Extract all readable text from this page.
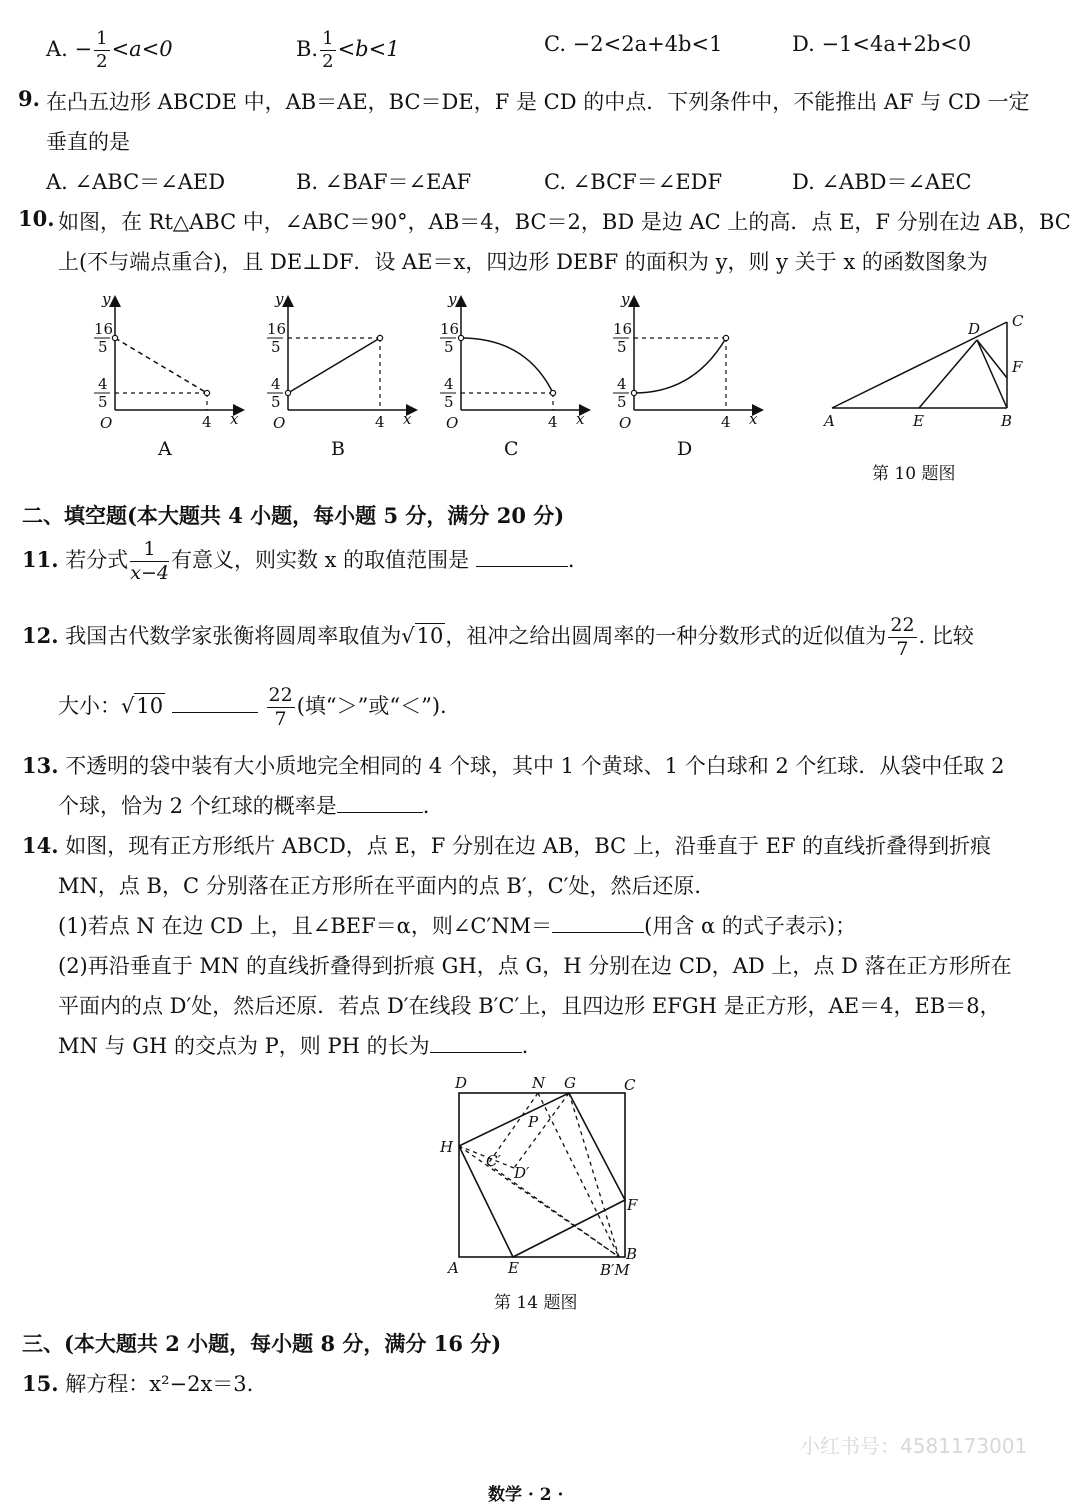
A. − $\frac{1}{2} <a<0$	B. $\frac{1}{2} <b<1$	C. −2<2a+4b<1	D. −1<4a+2b<0
9. 在凸五边形 ABCDE 中，AB＝AE，BC＝DE，F 是 CD 的中点．下列条件中，不能推出 AF 与 CD 一定
垂直的是
A. ∠ABC＝∠AED	B. ∠BAF＝∠EAF	C. ∠BCF＝∠EDF	D. ∠ABD＝∠AEC
10. 如图，在 Rt△ABC 中，∠ABC＝90°，AB＝4，BC＝2，BD 是边 AC 上的高．点 E，F 分别在边 AB，BC
上(不与端点重合)，且 DE⊥DF．设 AE＝x，四边形 DEBF 的面积为 y，则 y 关于 x 的函数图象为
y
x
O	4
16
5
4
5
A
y
x
O	4
16
5
4
5
B
y
x
O	4
16
5
4
5
C
y
x
O	4
16
5
4
5
D
A	E	B
C
D
F
第 10 题图
二、填空题(本大题共 4 小题，每小题 5 分，满分 20 分)
11. 若分式 $\frac{1}{x-4}$ 有意义，则实数 x 的取值范围是	.
12. 我国古代数学家张衡将圆周率取值为√10，祖冲之给出圆周率的一种分数形式的近似值为 $\frac{22}{7}$ . 比较
大小：√10	$\frac{22}{7}$ (填“＞”或“＜”).
13. 不透明的袋中装有大小质地完全相同的 4 个球，其中 1 个黄球、1 个白球和 2 个红球．从袋中任取 2
个球，恰为 2 个红球的概率是	.
14. 如图，现有正方形纸片 ABCD，点 E，F 分别在边 AB，BC 上，沿垂直于 EF 的直线折叠得到折痕
MN，点 B，C 分别落在正方形所在平面内的点 B′，C′处，然后还原．
(1)若点 N 在边 CD 上，且∠BEF＝α，则∠C′NM＝	(用含 α 的式子表示)；
(2)再沿垂直于 MN 的直线折叠得到折痕 GH，点 G，H 分别在边 CD，AD 上，点 D 落在正方形所在
平面内的点 D′处，然后还原．若点 D′在线段 B′C′上，且四边形 EFGH 是正方形，AE＝4，EB＝8，
MN 与 GH 的交点为 P，则 PH 的长为	.
D	N G	C
P
H
C′
D′
F
A	E
B
B′M
第 14 题图
三、(本大题共 2 小题，每小题 8 分，满分 16 分)
15. 解方程：x²−2x＝3.
小红书号：4581173001
数学 · 2 ·
